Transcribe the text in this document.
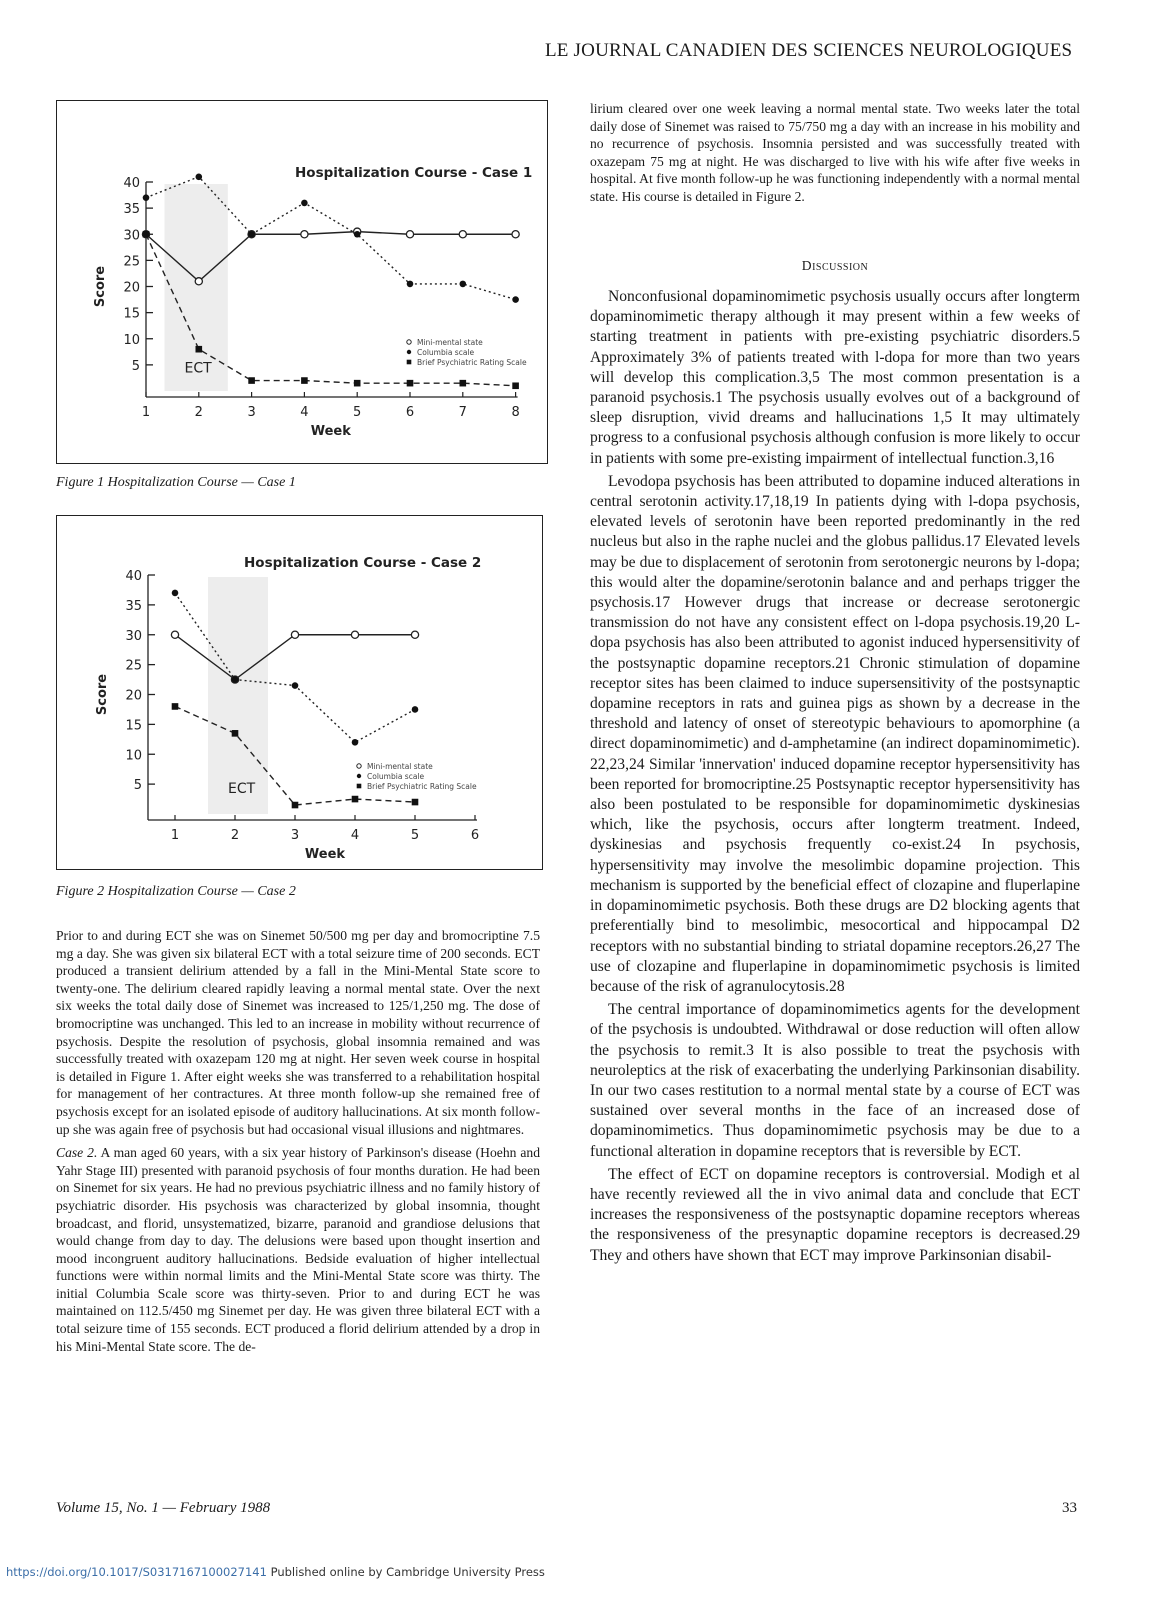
LE JOURNAL CANADIEN DES SCIENCES NEUROLOGIQUES
ECT
5
10
15
20
25
30
35
40
1	2	3	4	5	6	7	8
Week
Score
Hospitalization Course - Case 1
Mini-mental state
Columbia scale
Brief Psychiatric Rating Scale
Figure 1 Hospitalization Course — Case 1
ECT
5
10
15
20
25
30
35
40
1	2	3	4	5	6
Week
Score
Hospitalization Course - Case 2
Mini-mental state
Columbia scale
Brief Psychiatric Rating Scale
Figure 2 Hospitalization Course — Case 2

Prior to and during ECT she was on Sinemet 50/500 mg per day and bromocriptine 7.5 mg a day. She was given six bilateral ECT with a total seizure time of 200 seconds. ECT produced a transient delirium attended by a fall in the Mini-Mental State score to twenty-one. The delirium cleared rapidly leaving a normal mental state. Over the next six weeks the total daily dose of Sinemet was increased to 125/1,250 mg. The dose of bromocriptine was unchanged. This led to an increase in mobility without recurrence of psychosis. Despite the resolution of psychosis, global insomnia remained and was successfully treated with oxazepam 120 mg at night. Her seven week course in hospital is detailed in Figure 1. After eight weeks she was transferred to a rehabilitation hospital for management of her contractures. At three month follow-up she remained free of psychosis except for an isolated episode of auditory hallucinations. At six month follow-up she was again free of psychosis but had occasional visual illusions and nightmares.

Case 2. A man aged 60 years, with a six year history of Parkinson's disease (Hoehn and Yahr Stage III) presented with paranoid psychosis of four months duration. He had been on Sinemet for six years. He had no previous psychiatric illness and no family history of psychiatric disorder. His psychosis was characterized by global insomnia, thought broadcast, and florid, unsystematized, bizarre, paranoid and grandiose delusions that would change from day to day. The delusions were based upon thought insertion and mood incongruent auditory hallucinations. Bedside evaluation of higher intellectual functions were within normal limits and the Mini-Mental State score was thirty. The initial Columbia Scale score was thirty-seven. Prior to and during ECT he was maintained on 112.5/450 mg Sinemet per day. He was given three bilateral ECT with a total seizure time of 155 seconds. ECT produced a florid delirium attended by a drop in his Mini-Mental State score. The de-

lirium cleared over one week leaving a normal mental state. Two weeks later the total daily dose of Sinemet was raised to 75/750 mg a day with an increase in his mobility and no recurrence of psychosis. Insomnia persisted and was successfully treated with oxazepam 75 mg at night. He was discharged to live with his wife after five weeks in hospital. At five month follow-up he was functioning independently with a normal mental state. His course is detailed in Figure 2.

Discussion

Nonconfusional dopaminomimetic psychosis usually occurs after longterm dopaminomimetic therapy although it may present within a few weeks of starting treatment in patients with pre-existing psychiatric disorders.5 Approximately 3% of patients treated with l-dopa for more than two years will develop this complication.3,5 The most common presentation is a paranoid psychosis.1 The psychosis usually evolves out of a background of sleep disruption, vivid dreams and hallucinations 1,5 It may ultimately progress to a confusional psychosis although confusion is more likely to occur in patients with some pre-existing impairment of intellectual function.3,16

Levodopa psychosis has been attributed to dopamine induced alterations in central serotonin activity.17,18,19 In patients dying with l-dopa psychosis, elevated levels of serotonin have been reported predominantly in the red nucleus but also in the raphe nuclei and the globus pallidus.17 Elevated levels may be due to displacement of serotonin from serotonergic neurons by l-dopa; this would alter the dopamine/serotonin balance and and perhaps trigger the psychosis.17 However drugs that increase or decrease serotonergic transmission do not have any consistent effect on l-dopa psychosis.19,20 L-dopa psychosis has also been attributed to agonist induced hypersensitivity of the postsynaptic dopamine receptors.21 Chronic stimulation of dopamine receptor sites has been claimed to induce supersensitivity of the postsynaptic dopamine receptors in rats and guinea pigs as shown by a decrease in the threshold and latency of onset of stereotypic behaviours to apomorphine (a direct dopaminomimetic) and d-amphetamine (an indirect dopaminomimetic). 22,23,24 Similar 'innervation' induced dopamine receptor hypersensitivity has been reported for bromocriptine.25 Postsynaptic receptor hypersensitivity has also been postulated to be responsible for dopaminomimetic dyskinesias which, like the psychosis, occurs after longterm treatment. Indeed, dyskinesias and psychosis frequently co-exist.24 In psychosis, hypersensitivity may involve the mesolimbic dopamine projection. This mechanism is supported by the beneficial effect of clozapine and fluperlapine in dopaminomimetic psychosis. Both these drugs are D2 blocking agents that preferentially bind to mesolimbic, mesocortical and hippocampal D2 receptors with no substantial binding to striatal dopamine receptors.26,27 The use of clozapine and fluperlapine in dopaminomimetic psychosis is limited because of the risk of agranulocytosis.28

The central importance of dopaminomimetics agents for the development of the psychosis is undoubted. Withdrawal or dose reduction will often allow the psychosis to remit.3 It is also possible to treat the psychosis with neuroleptics at the risk of exacerbating the underlying Parkinsonian disability. In our two cases restitution to a normal mental state by a course of ECT was sustained over several months in the face of an increased dose of dopaminomimetics. Thus dopaminomimetic psychosis may be due to a functional alteration in dopamine receptors that is reversible by ECT.

The effect of ECT on dopamine receptors is controversial. Modigh et al have recently reviewed all the in vivo animal data and conclude that ECT increases the responsiveness of the postsynaptic dopamine receptors whereas the responsiveness of the presynaptic dopamine receptors is decreased.29 They and others have shown that ECT may improve Parkinsonian disabil-

Volume 15, No. 1 — February 1988	33
https://doi.org/10.1017/S0317167100027141 Published online by Cambridge University Press
